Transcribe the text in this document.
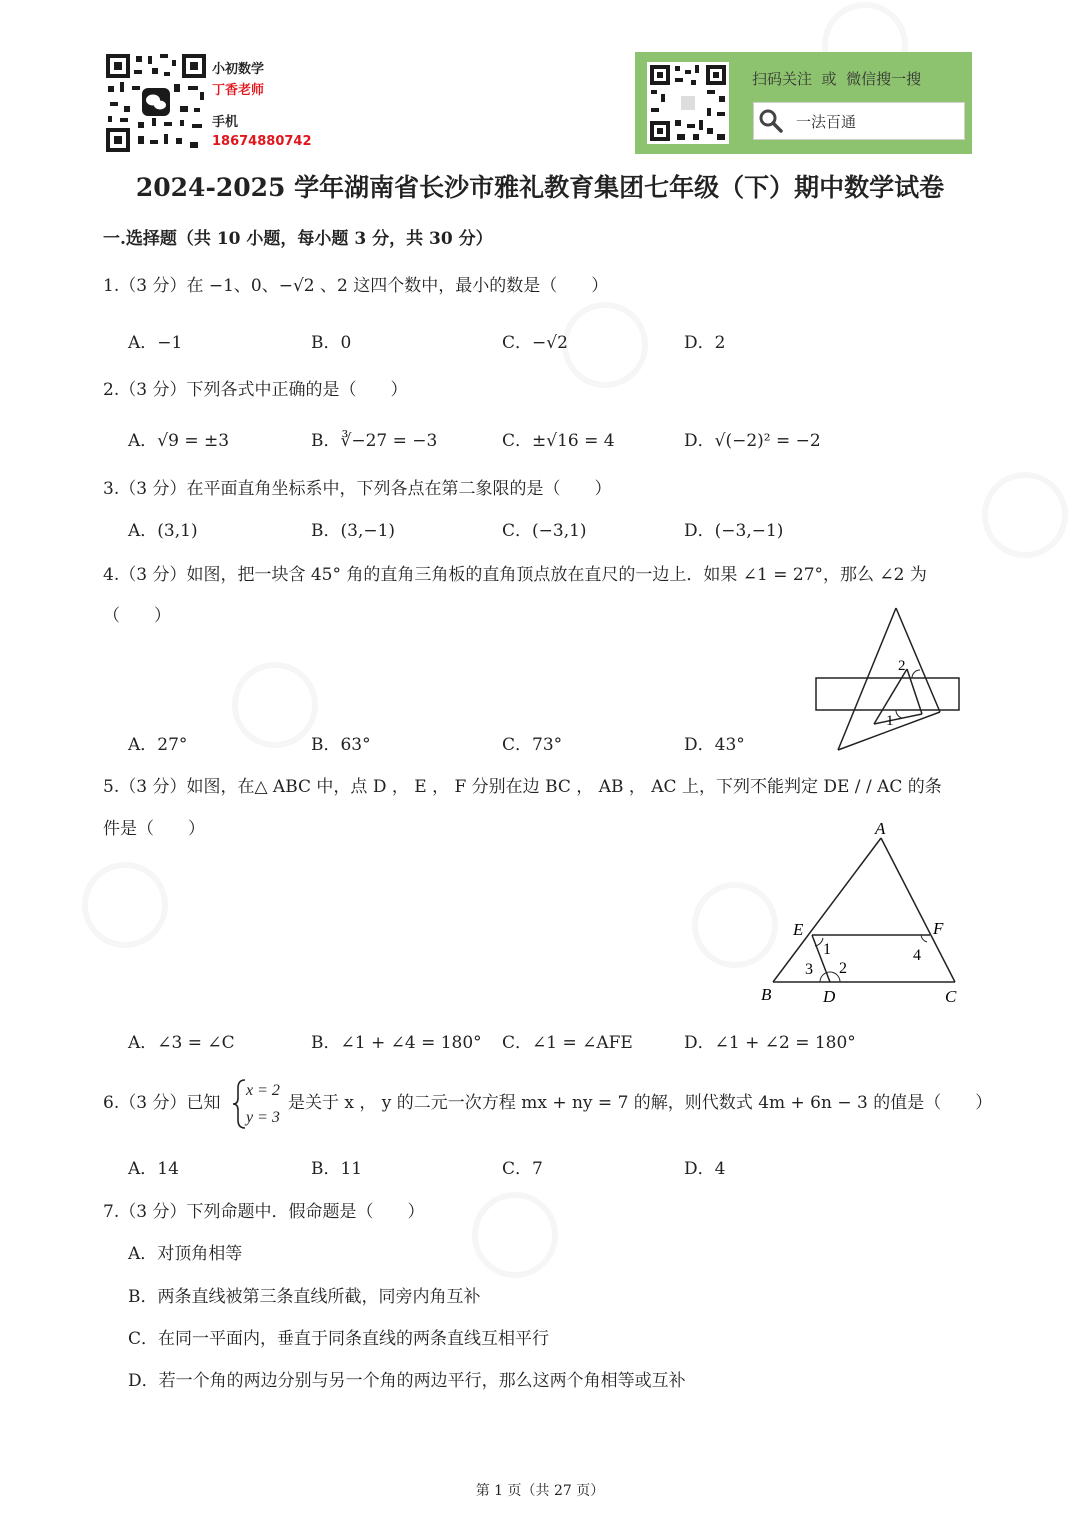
小初数学
丁香老师
手机
18674880742
扫码关注  或  微信搜一搜
一法百通
2024-2025 学年湖南省长沙市雅礼教育集团七年级（下）期中数学试卷
一.选择题（共 10 小题，每小题 3 分，共 30 分）
1.（3 分）在 −1、0、−√2 、2 这四个数中，最小的数是（　　）
A．−1	B．0	C．−√2	D．2
2.（3 分）下列各式中正确的是（　　）
A．√9 = ±3	B．∛−27 = −3	C．±√16 = 4	D．√(−2)² = −2
3.（3 分）在平面直角坐标系中，下列各点在第二象限的是（　　）
A．(3,1)	B．(3,−1)	C．(−3,1)	D．(−3,−1)
4.（3 分）如图，把一块含 45° 角的直角三角板的直角顶点放在直尺的一边上．如果 ∠1 = 27°，那么 ∠2 为
（　　）
2
1
A．27°	B．63°	C．73°	D．43°
5.（3 分）如图，在△ ABC 中，点 D ， E ， F 分别在边 BC ， AB ， AC 上，下列不能判定 DE / / AC 的条
件是（　　）	A
E	F
B	D	C
1
2
3
4
A．∠3 = ∠C	B．∠1 + ∠4 = 180° C．∠1 = ∠AFE	D．∠1 + ∠2 = 180°
6.（3 分）已知
x = 2
y = 3
是关于 x ， y 的二元一次方程 mx + ny = 7 的解，则代数式 4m + 6n − 3 的值是（　　）
A．14	B．11	C．7	D．4
7.（3 分）下列命题中．假命题是（　　）
A．对顶角相等
B．两条直线被第三条直线所截，同旁内角互补
C．在同一平面内，垂直于同条直线的两条直线互相平行
D．若一个角的两边分别与另一个角的两边平行，那么这两个角相等或互补
第 1 页（共 27 页）
